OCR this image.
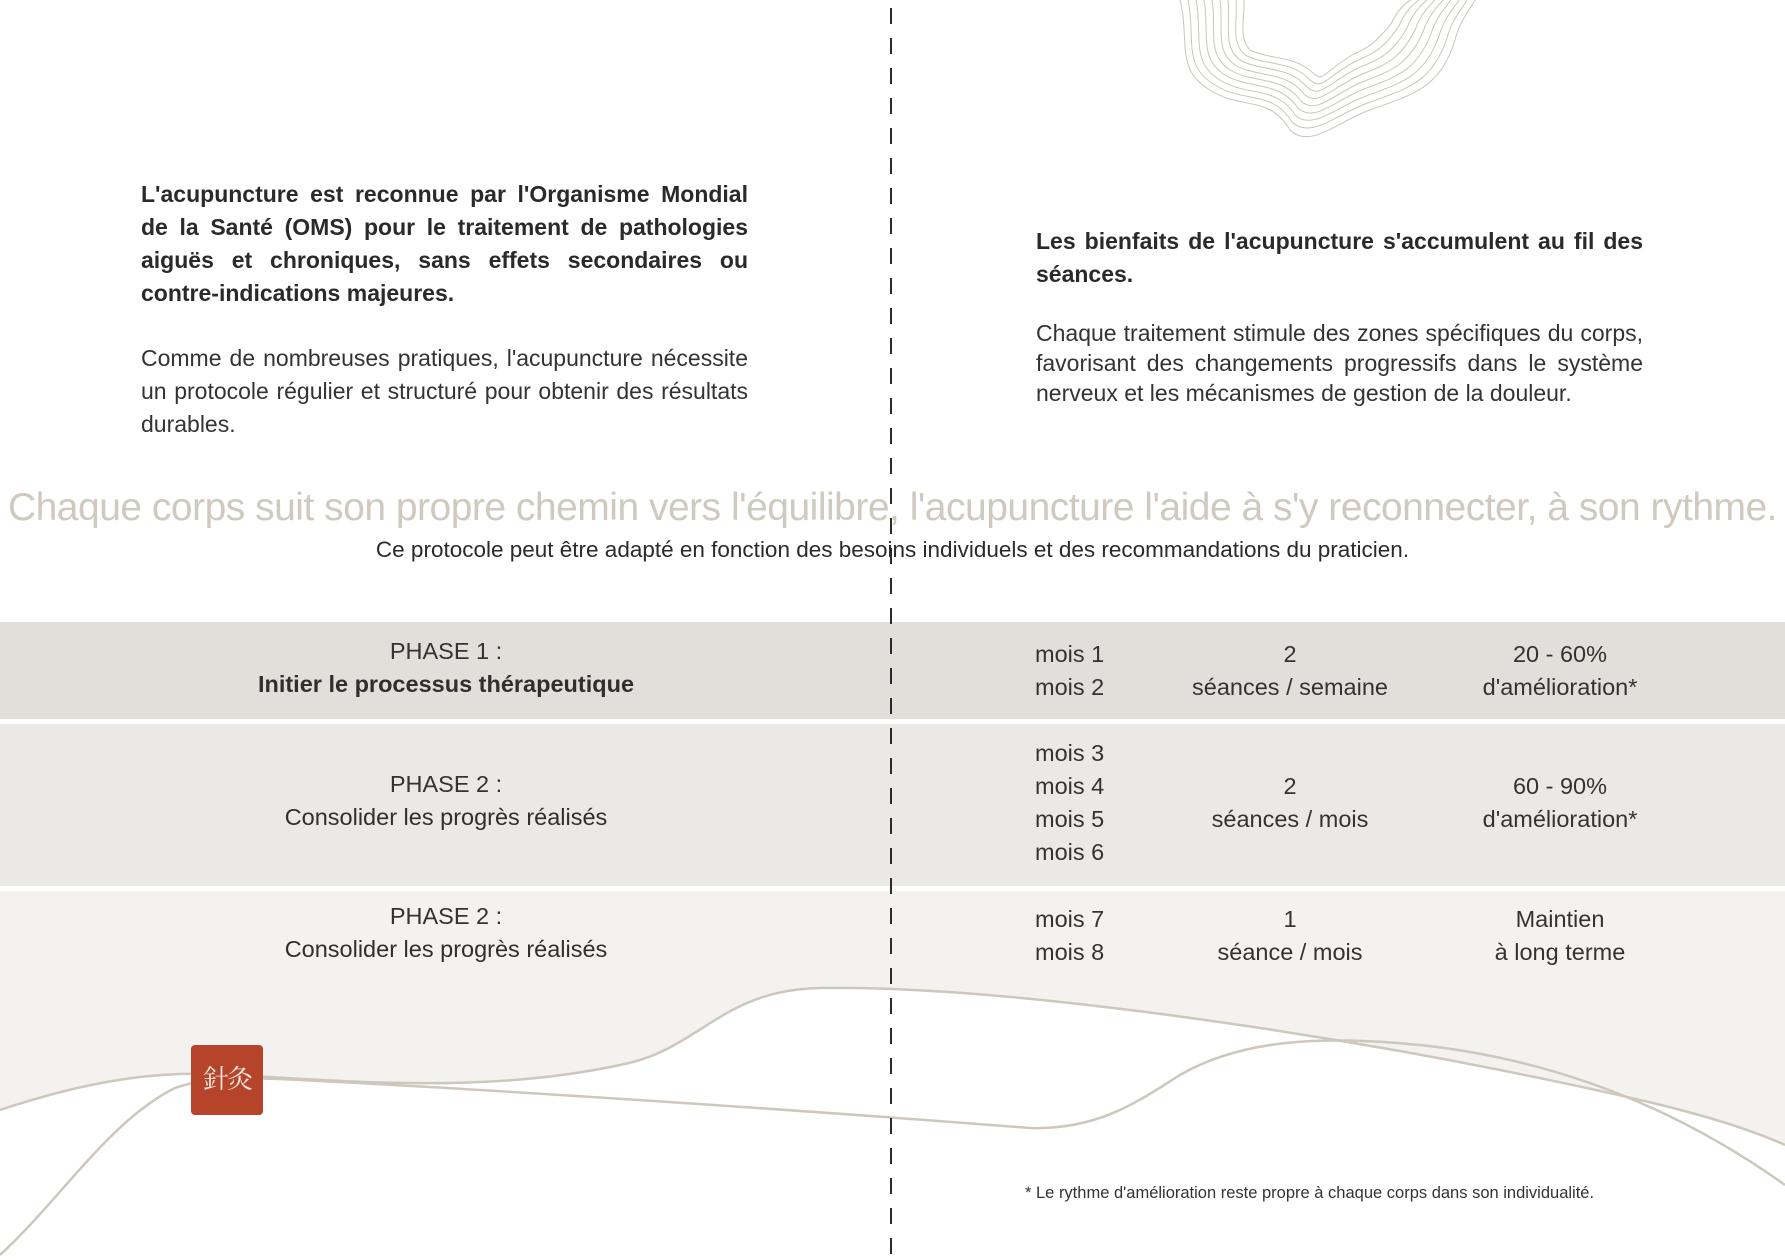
L'acupuncture est reconnue par l'Organisme Mondial de la Santé (OMS) pour le traitement de pathologies aiguës et chroniques, sans effets secondaires ou contre-indications majeures.

Comme de nombreuses pratiques, l'acupuncture nécessite un protocole régulier et structuré pour obtenir des résultats durables.

Les bienfaits de l'acupuncture s'accumulent au fil des séances.

Chaque traitement stimule des zones spécifiques du corps, favorisant des changements progressifs dans le système nerveux et les mécanismes de gestion de la douleur.

Chaque corps suit son propre chemin vers l'équilibre, l'acupuncture l'aide à s'y reconnecter, à son rythme.

Ce protocole peut être adapté en fonction des besoins individuels et des recommandations du praticien.

PHASE 1 :
Initier le processus thérapeutique
mois 1
mois 2
2
séances / semaine
20 - 60%
d'amélioration*
PHASE 2 :
Consolider les progrès réalisés
mois 3
mois 4
mois 5
mois 6
2
séances / mois
60 - 90%
d'amélioration*
PHASE 2 :
Consolider les progrès réalisés
mois 7
mois 8
1
séance / mois
Maintien
à long terme
針灸

* Le rythme d'amélioration reste propre à chaque corps dans son individualité.
